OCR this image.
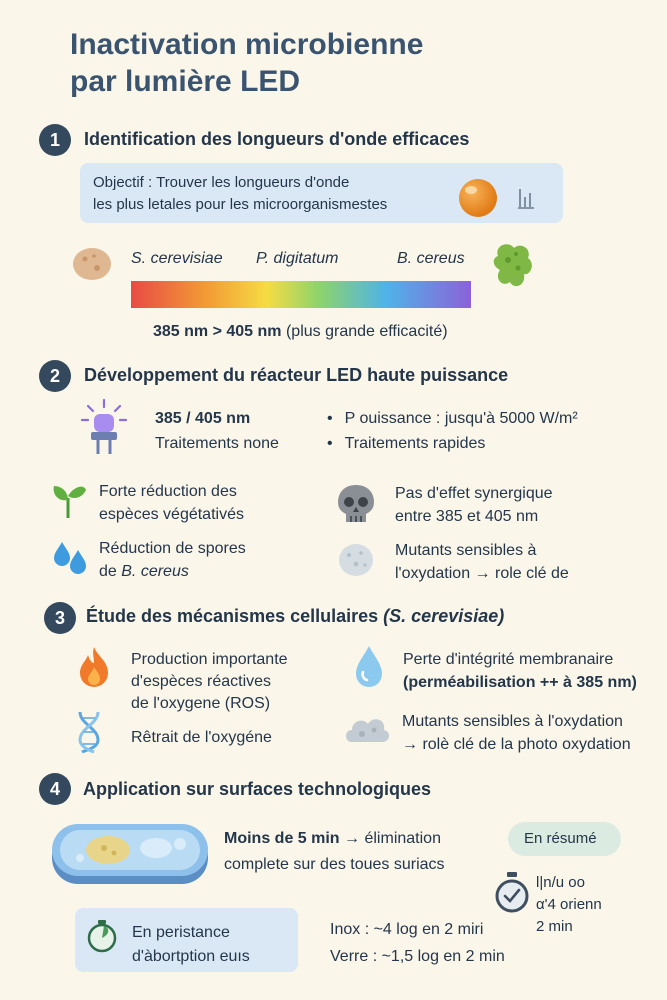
Inactivation microbienne
par lumière LED
1	Identification des longueurs d'onde efficaces
Objectif : Trouver les longueurs d'onde
les plus letales pour les microorganismestes
S. cerevisiae P. digitatum	B. cereus
385 nm > 405 nm (plus grande efficacité)
2	Développement du réacteur LED haute puissance
385 / 405 nm
Traitements none
• P ouissance : jusqu'à 5000 W/m²
• Traitements rapides
Forte réduction des
espèces végétativés
Pas d'effet synergique
entre 385 et 405 nm
Réduction de spores
de B. cereus
Mutants sensibles à
l'oxydation → role clé de
3	Étude des mécanismes cellulaires (S. cerevisiae)
Production importante
d'espèces réactives
de l'oxygene (ROS)
Perte d'intégrité membranaire
(perméabilisation ++ à 385 nm)
Rêtrait de l'oxygéne
Mutants sensibles à l'oxydation
→ rolè clé de la photo oxydation
4	Application sur surfaces technologiques
Moins de 5 min → élimination
complete sur des toues suriacs
En résumé
l|n/u oo
α'4 orienn
2 min
En peristance
d'àbortption euıs
Inox : ~4 log en 2 miri
Verre : ~1,5 log en 2 min
